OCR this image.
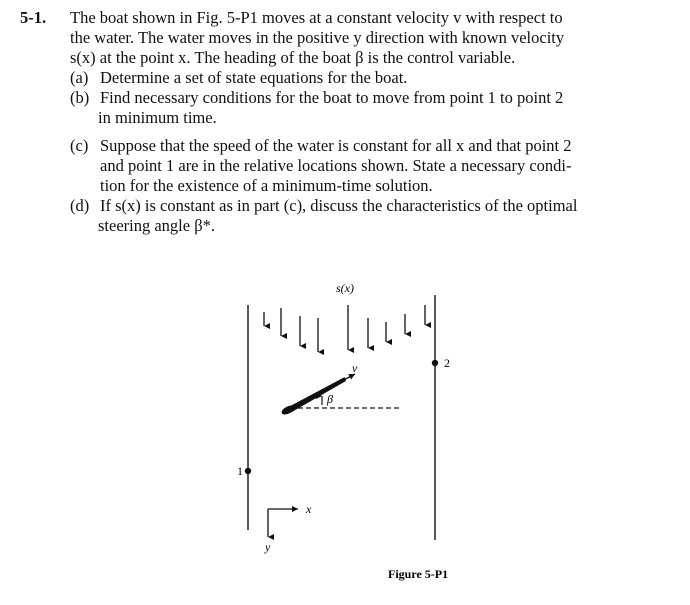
5-1. The boat shown in Fig. 5-P1 moves at a constant velocity v with respect to
the water. The water moves in the positive y direction with known velocity
s(x) at the point x. The heading of the boat β is the control variable.
(a) Determine a set of state equations for the boat.
(b) Find necessary conditions for the boat to move from point 1 to point 2
in minimum time.
(c) Suppose that the speed of the water is constant for all x and that point 2
and point 1 are in the relative locations shown. State a necessary condi-
tion for the existence of a minimum-time solution.
(d) If s(x) is constant as in part (c), discuss the characteristics of the optimal
steering angle β*.
s(x)
2
1
v
β
x
y
Figure 5-P1
